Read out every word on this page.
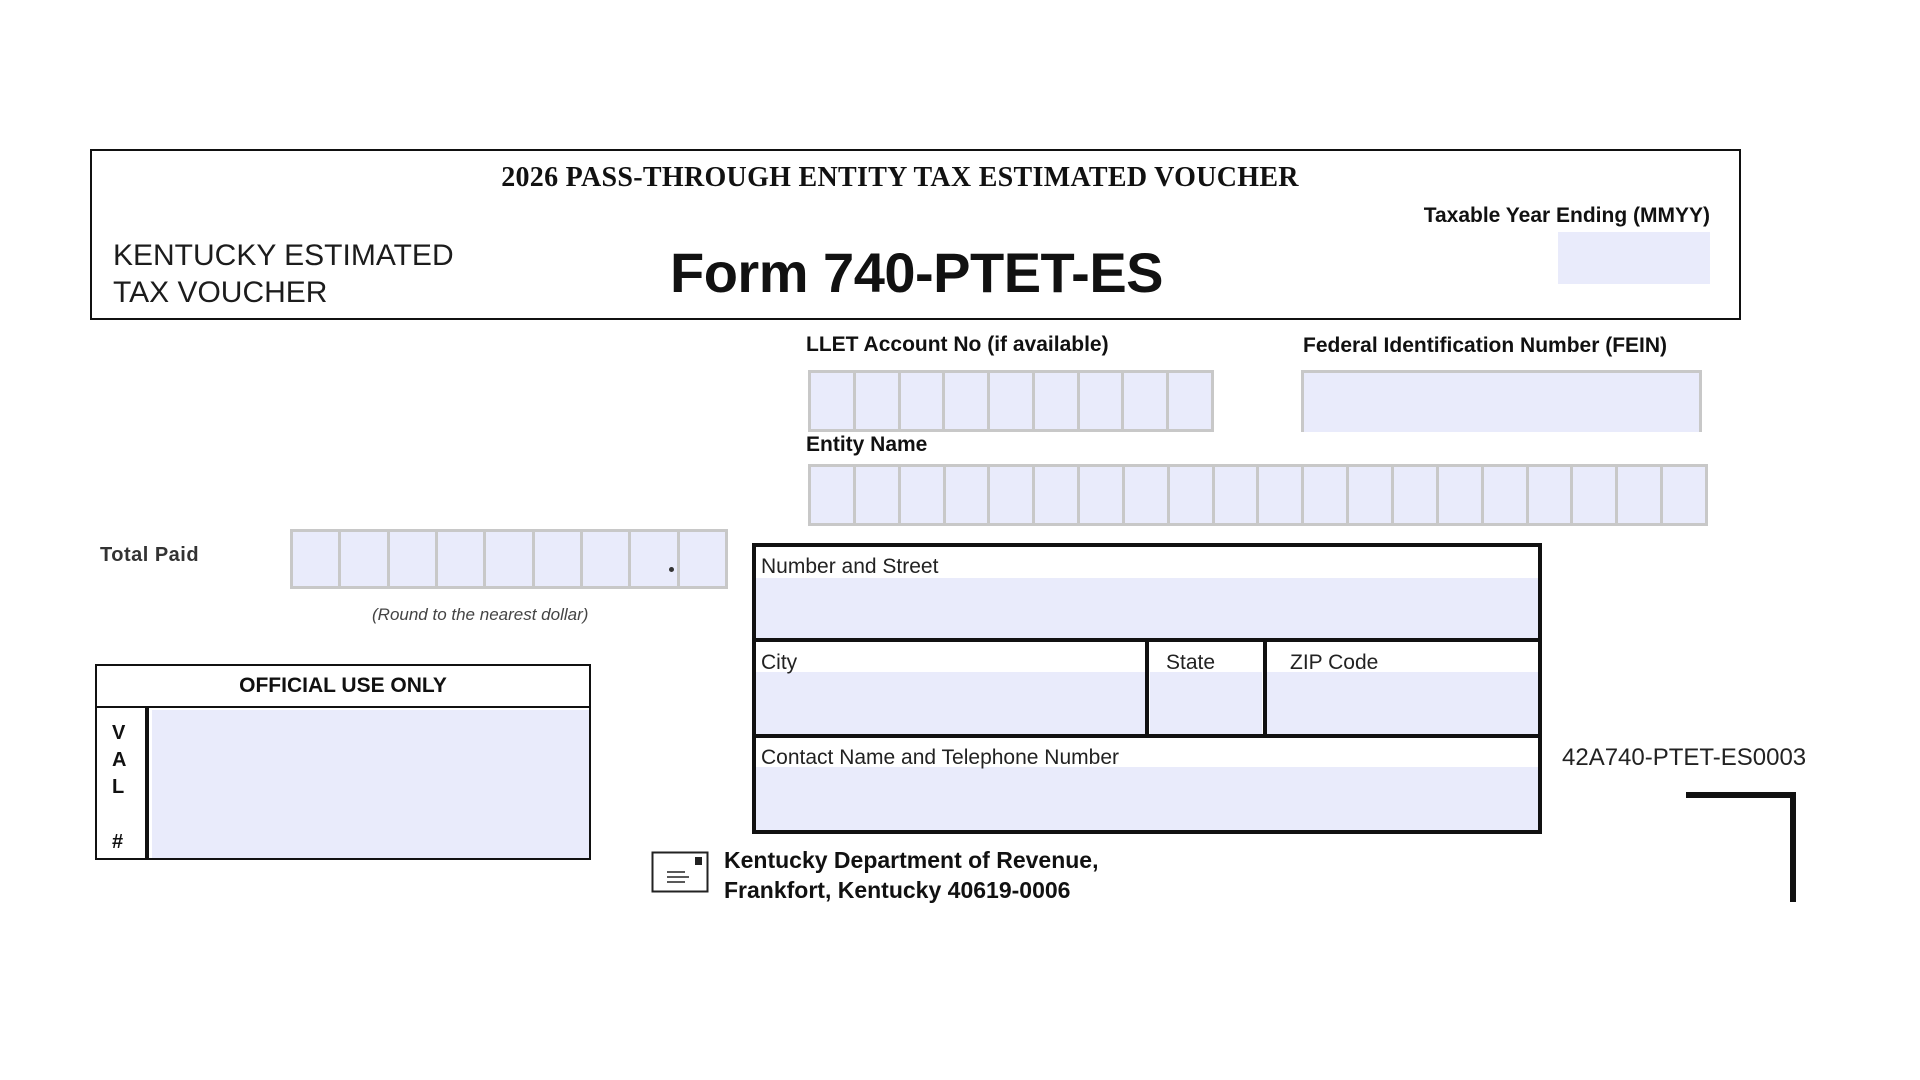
2026 PASS-THROUGH ENTITY TAX ESTIMATED VOUCHER
KENTUCKY ESTIMATED
TAX VOUCHER	Form 740-PTET-ES
Taxable Year Ending (MMYY)
LLET Account No (if available)	Federal Identification Number (FEIN)
Entity Name
Total Paid
(Round to the nearest dollar)
OFFICIAL USE ONLY
V
A
L
#
Number and Street
City	State	ZIP Code
Contact Name and Telephone Number
Kentucky Department of Revenue,
Frankfort, Kentucky 40619-0006
42A740-PTET-ES0003
